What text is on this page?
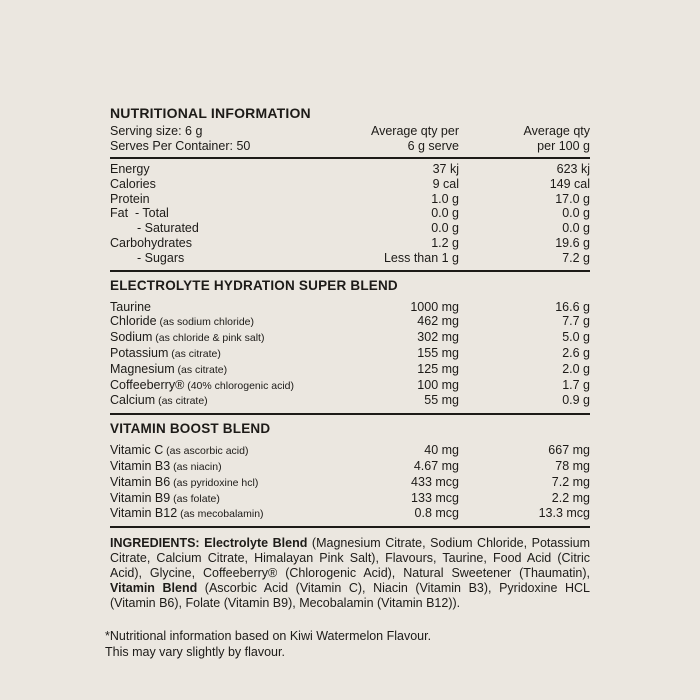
NUTRITIONAL INFORMATION
Serving size: 6 g
Serves Per Container: 50
Average qty per
6 g serve
Average qty
per 100 g
Energy	37 kj	623 kj
Calories	9 cal	149 cal
Protein	1.0 g	17.0 g
Fat  - Total	0.0 g	0.0 g
- Saturated	0.0 g	0.0 g
Carbohydrates	1.2 g	19.6 g
- Sugars	Less than 1 g	7.2 g
ELECTROLYTE HYDRATION SUPER BLEND
Taurine	1000 mg	16.6 g
Chloride (as sodium chloride)	462 mg	7.7 g
Sodium (as chloride & pink salt)	302 mg	5.0 g
Potassium (as citrate)	155 mg	2.6 g
Magnesium (as citrate)	125 mg	2.0 g
Coffeeberry® (40% chlorogenic acid)	100 mg	1.7 g
Calcium (as citrate)	55 mg	0.9 g
VITAMIN BOOST BLEND
Vitamic C (as ascorbic acid)	40 mg	667 mg
Vitamin B3 (as niacin)	4.67 mg	78 mg
Vitamin B6 (as pyridoxine hcl)	433 mcg	7.2 mg
Vitamin B9 (as folate)	133 mcg	2.2 mg
Vitamin B12 (as mecobalamin)	0.8 mcg	13.3 mcg

INGREDIENTS: Electrolyte Blend (Magnesium Citrate, Sodium Chloride, Potassium Citrate, Calcium Citrate, Himalayan Pink Salt), Flavours, Taurine, Food Acid (Citric Acid), Glycine, Coffeeberry® (Chlorogenic Acid), Natural Sweetener (Thaumatin), Vitamin Blend (Ascorbic Acid (Vitamin C), Niacin (Vitamin B3), Pyridoxine HCL (Vitamin B6), Folate (Vitamin B9), Mecobalamin (Vitamin B12)).

*Nutritional information based on Kiwi Watermelon Flavour.
This may vary slightly by flavour.
